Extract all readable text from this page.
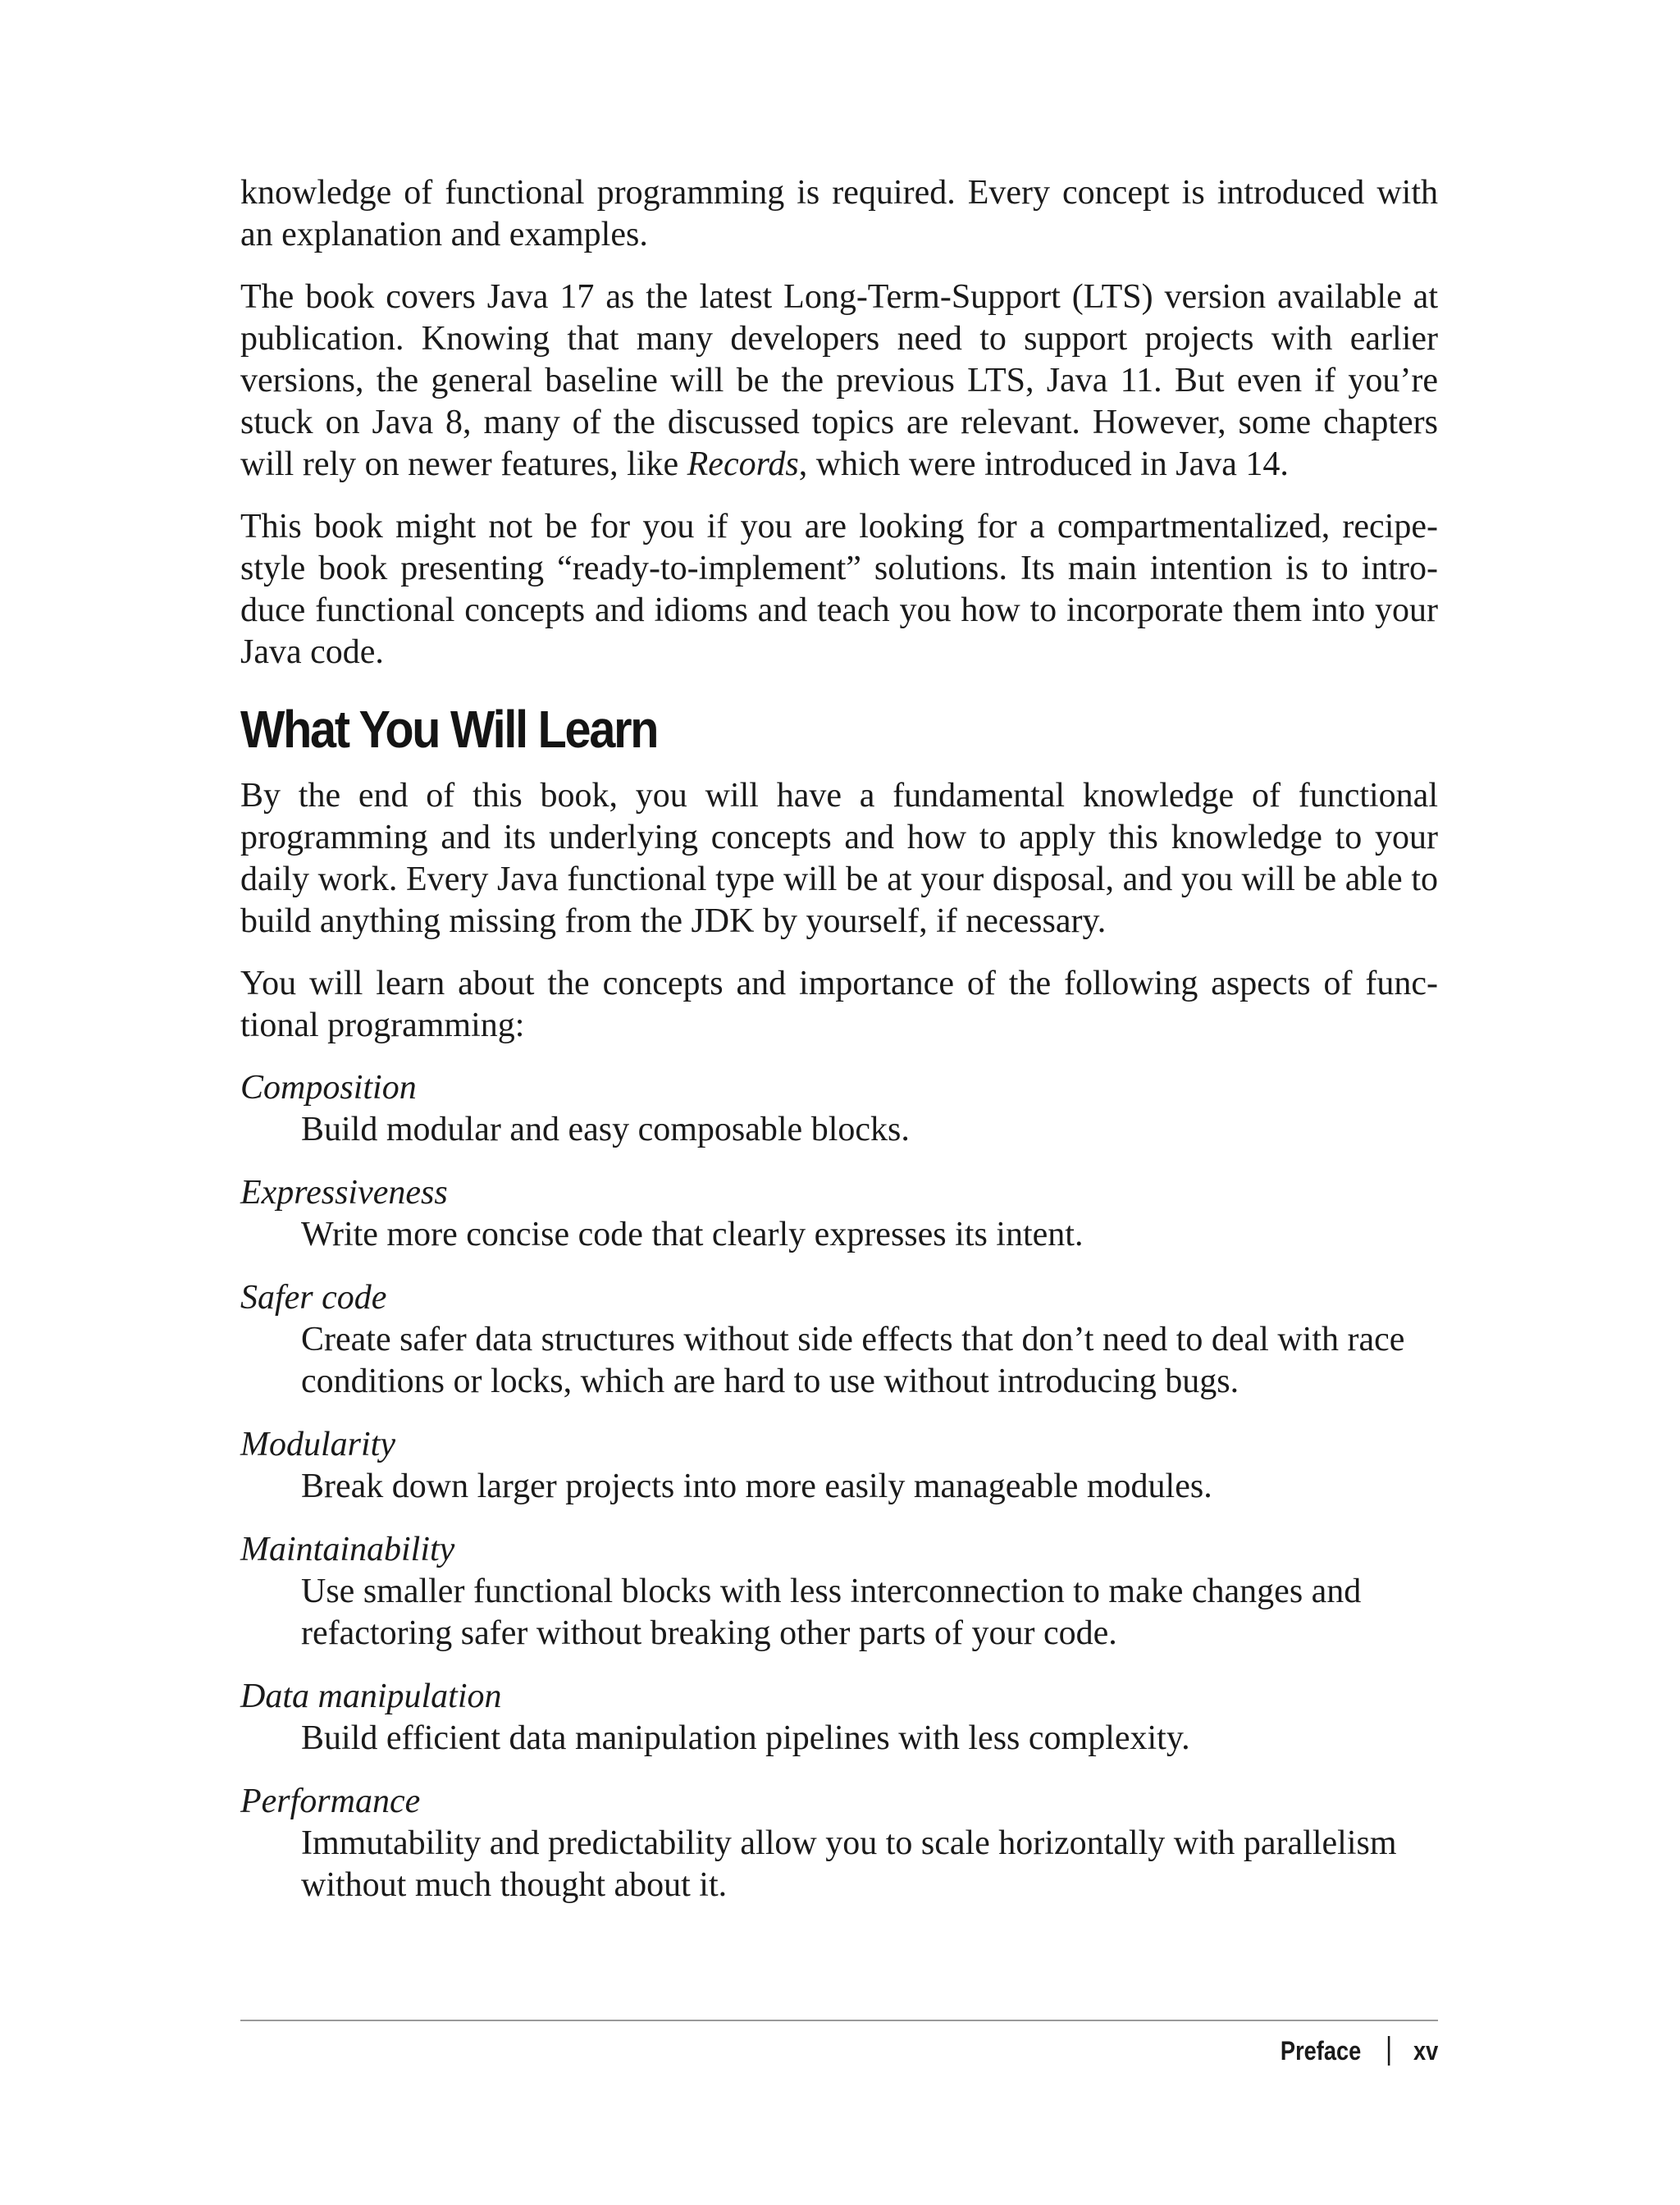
knowledge of functional programming is required. Every concept is introduced with an explanation and examples.

The book covers Java 17 as the latest Long-Term-Support (LTS) version available at publication. Knowing that many developers need to support projects with earlier versions, the general baseline will be the previous LTS, Java 11. But even if you’re stuck on Java 8, many of the discussed topics are relevant. However, some chapters will rely on newer features, like Records, which were introduced in Java 14.

This book might not be for you if you are looking for a compartmentalized, recipe-style book presenting “ready-to-implement” solutions. Its main intention is to introduce functional concepts and idioms and teach you how to incorporate them into your Java code.

What You Will Learn

By the end of this book, you will have a fundamental knowledge of functional programming and its underlying concepts and how to apply this knowledge to your daily work. Every Java functional type will be at your disposal, and you will be able to build anything missing from the JDK by yourself, if necessary.

You will learn about the concepts and importance of the following aspects of functional programming:

Composition
Build modular and easy composable blocks.
Expressiveness
Write more concise code that clearly expresses its intent.
Safer code
Create safer data structures without side effects that don’t need to deal with race conditions or locks, which are hard to use without introducing bugs.
Modularity
Break down larger projects into more easily manageable modules.
Maintainability
Use smaller functional blocks with less interconnection to make changes and refactoring safer without breaking other parts of your code.
Data manipulation
Build efficient data manipulation pipelines with less complexity.
Performance
Immutability and predictability allow you to scale horizontally with parallelism without much thought about it.
Preface xv
